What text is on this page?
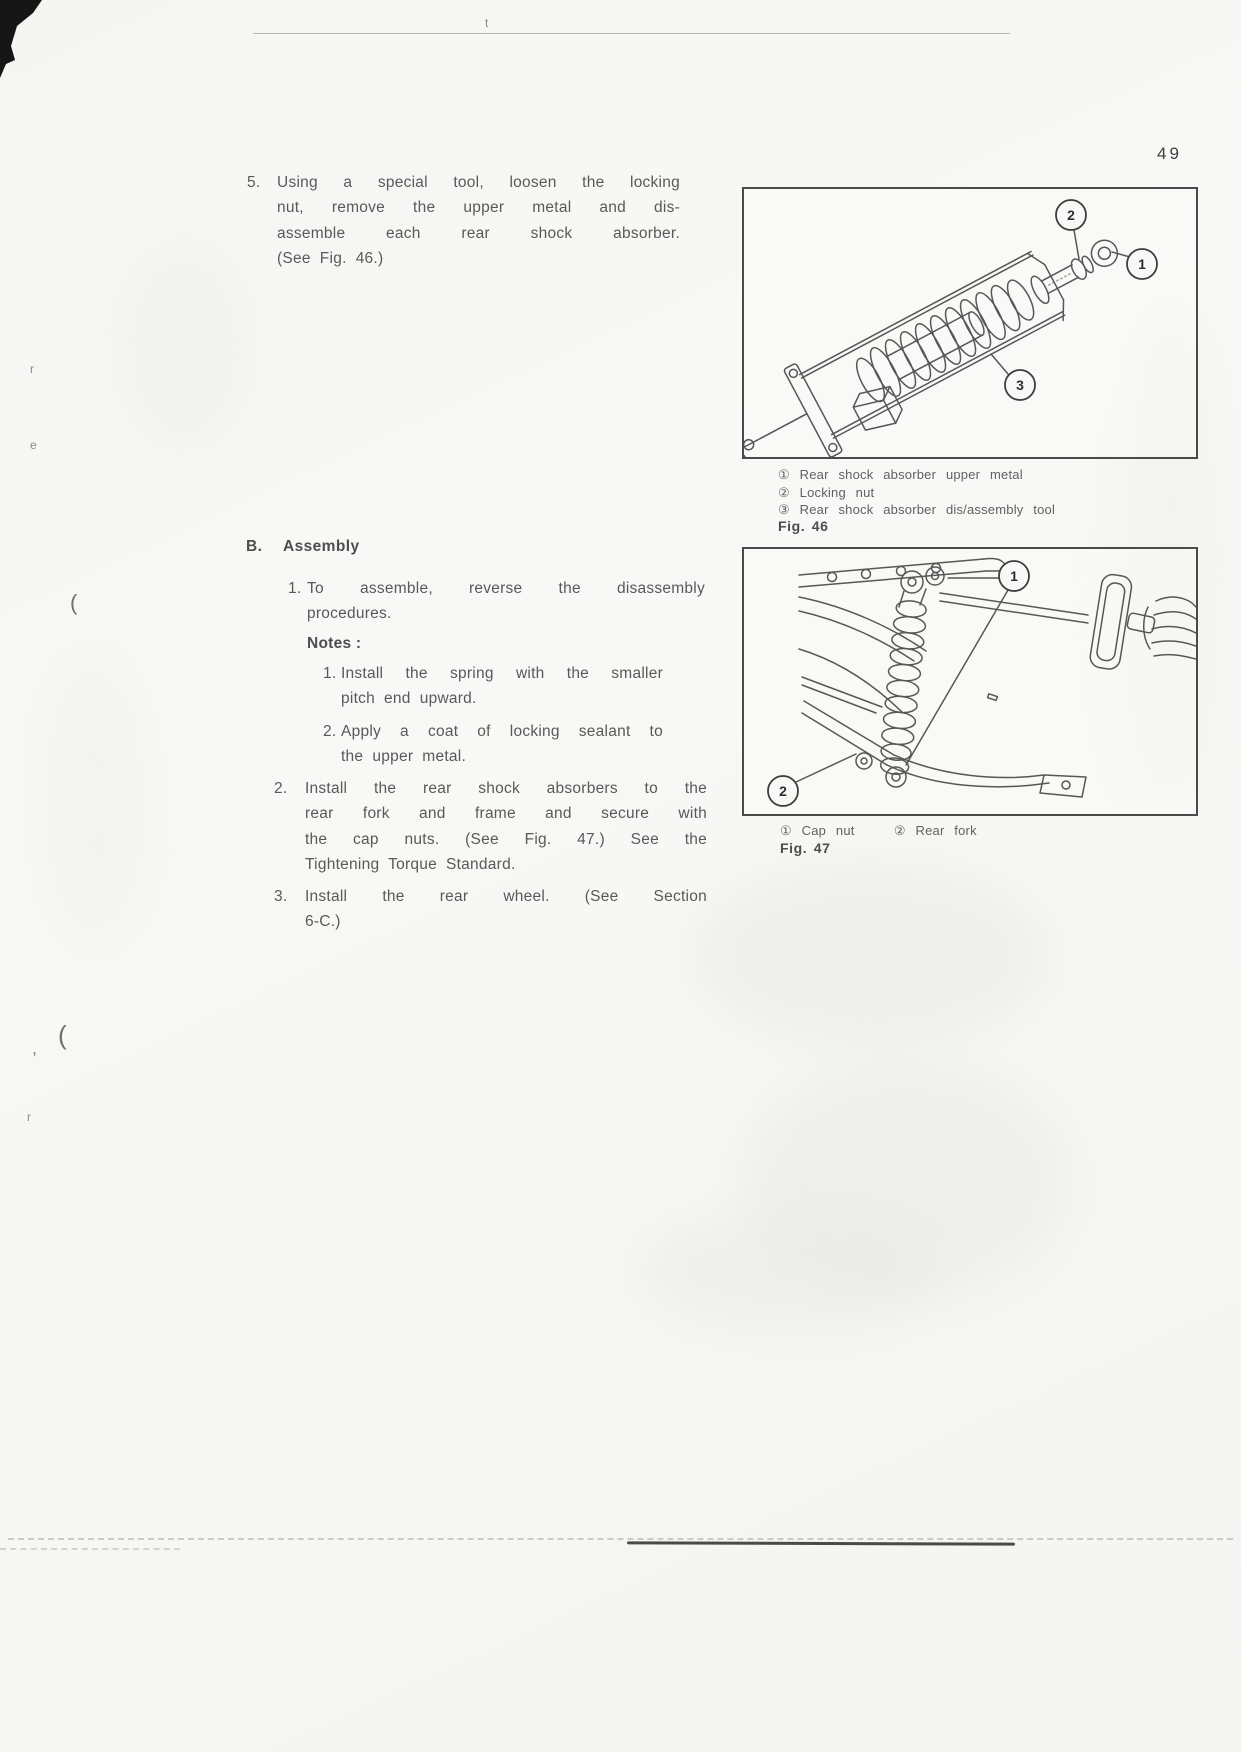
t
r
e
(
(
,
r
49
5. Using a special tool, loosen the locking
nut, remove the upper metal and dis-
assemble each rear shock absorber.
(See Fig. 46.)
2
1
3
① Rear shock absorber upper metal
② Locking nut
③ Rear shock absorber dis/assembly tool
Fig. 46
B. Assembly
1. To assemble, reverse the disassembly
procedures.
Notes :
1. Install the spring with the smaller
pitch end upward.
2. Apply a coat of locking sealant to
the upper metal.
2. Install the rear shock absorbers to the
rear fork and frame and secure with
the cap nuts. (See Fig. 47.) See the
Tightening Torque Standard.
3. Install the rear wheel. (See Section
6-C.)
1
2
① Cap nut    ② Rear fork
Fig. 47
